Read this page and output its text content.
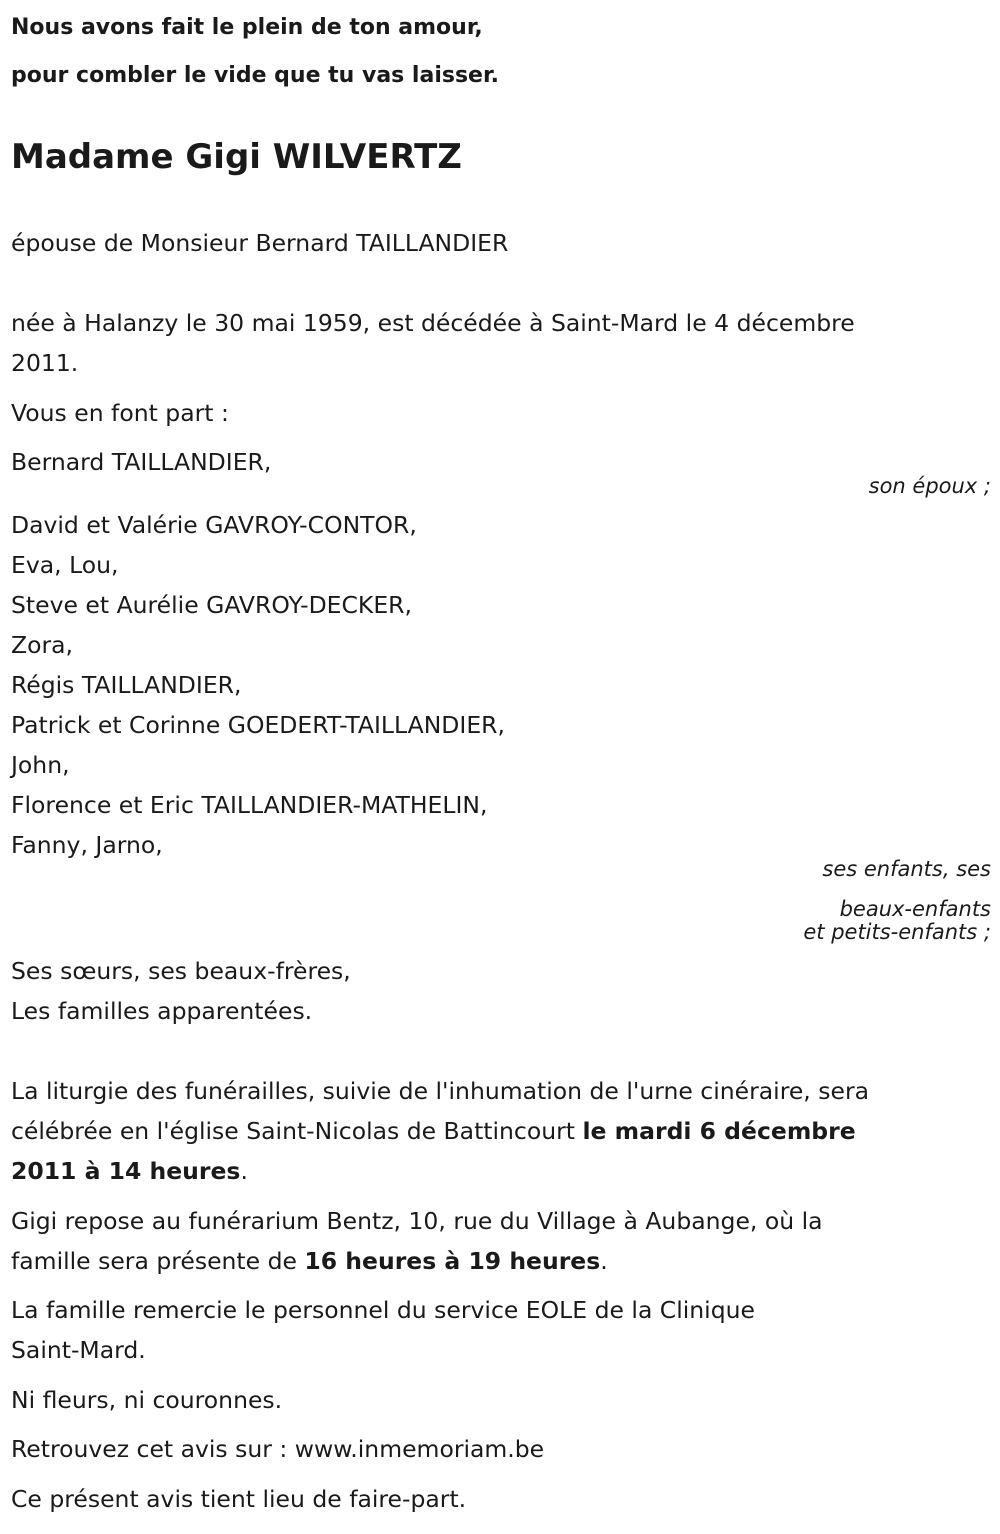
Nous avons fait le plein de ton amour,

pour combler le vide que tu vas laisser.

Madame Gigi WILVERTZ

épouse de Monsieur Bernard TAILLANDIER

née à Halanzy le 30 mai 1959, est décédée à Saint-Mard le 4 décembre

2011.

Vous en font part :

Bernard TAILLANDIER,

son époux ;

David et Valérie GAVROY-CONTOR,

Eva, Lou,

Steve et Aurélie GAVROY-DECKER,

Zora,

Régis TAILLANDIER,

Patrick et Corinne GOEDERT-TAILLANDIER,

John,

Florence et Eric TAILLANDIER-MATHELIN,

Fanny, Jarno,

ses enfants, ses
beaux-enfants
et petits-enfants ;

Ses sœurs, ses beaux-frères,

Les familles apparentées.

La liturgie des funérailles, suivie de l'inhumation de l'urne cinéraire, sera

célébrée en l'église Saint-Nicolas de Battincourt le mardi 6 décembre

2011 à 14 heures.

Gigi repose au funérarium Bentz, 10, rue du Village à Aubange, où la

famille sera présente de 16 heures à 19 heures.

La famille remercie le personnel du service EOLE de la Clinique

Saint-Mard.

Ni fleurs, ni couronnes.

Retrouvez cet avis sur : www.inmemoriam.be

Ce présent avis tient lieu de faire-part.
